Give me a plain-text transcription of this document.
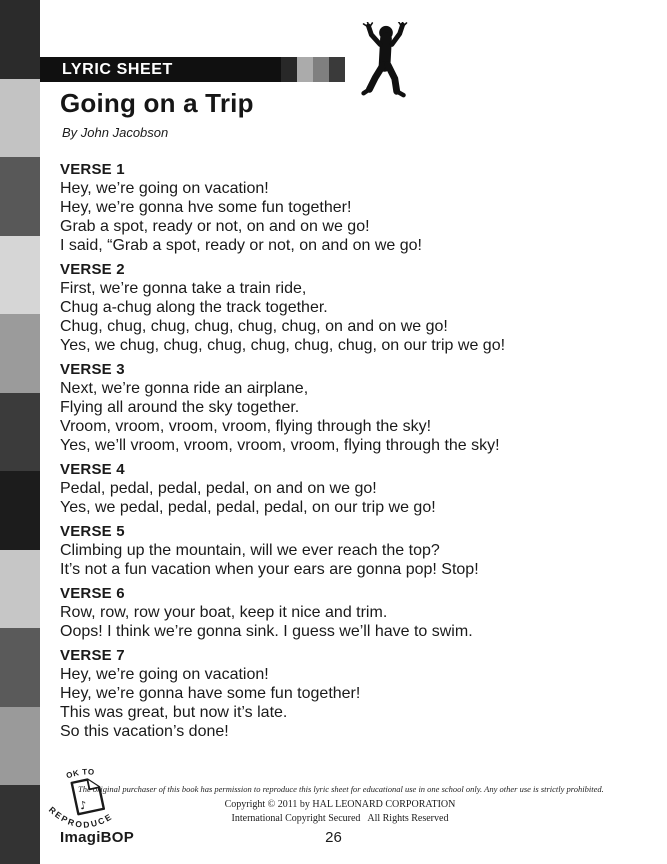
LYRIC SHEET
Going on a Trip
By John Jacobson
VERSE 1
Hey, we’re going on vacation!
Hey, we’re gonna hve some fun together!
Grab a spot, ready or not, on and on we go!
I said, “Grab a spot, ready or not, on and on we go!
VERSE 2
First, we’re gonna take a train ride,
Chug a-chug along the track together.
Chug, chug, chug, chug, chug, chug, on and on we go!
Yes, we chug, chug, chug, chug, chug, chug, on our trip we go!
VERSE 3
Next, we’re gonna ride an airplane,
Flying all around the sky together.
Vroom, vroom, vroom, vroom, flying through the sky!
Yes, we’ll vroom, vroom, vroom, vroom, flying through the sky!
VERSE 4
Pedal, pedal, pedal, pedal, on and on we go!
Yes, we pedal, pedal, pedal, pedal, on our trip we go!
VERSE 5
Climbing up the mountain, will we ever reach the top?
It’s not a fun vacation when your ears are gonna pop! Stop!
VERSE 6
Row, row, row your boat, keep it nice and trim.
Oops! I think we’re gonna sink. I guess we’ll have to swim.
VERSE 7
Hey, we’re going on vacation!
Hey, we’re gonna have some fun together!
This was great, but now it’s late.
So this vacation’s done!
OK TO
REPRODUCE
♪
The original purchaser of this book has permission to reproduce this lyric sheet for educational use in one school only. Any other use is strictly prohibited.
Copyright © 2011 by HAL LEONARD CORPORATION
International Copyright Secured   All Rights Reserved
ImagiBOP	26
